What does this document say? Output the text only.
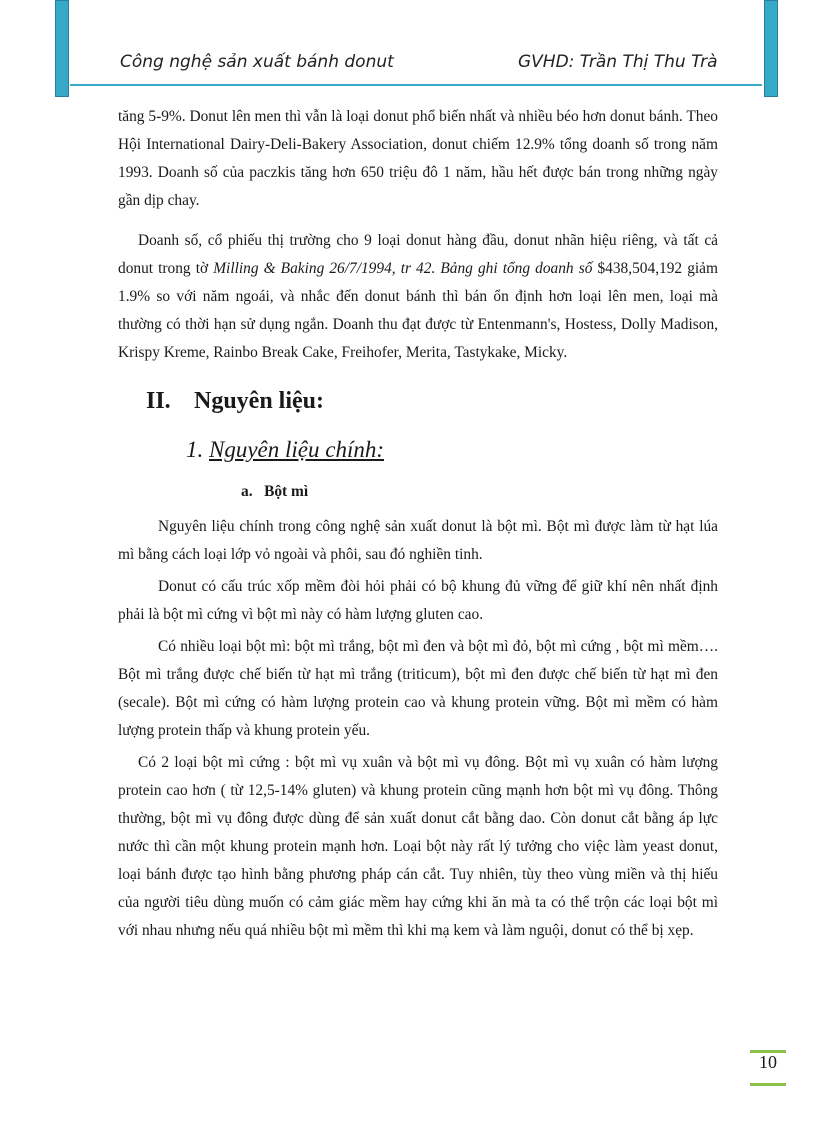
Công nghệ sản xuất bánh donut	GVHD: Trần Thị Thu Trà

tăng 5-9%. Donut lên men thì vẫn là loại donut phổ biến nhất và nhiều béo hơn donut bánh. Theo Hội International Dairy-Deli-Bakery Association, donut chiếm 12.9% tổng doanh số trong năm 1993. Doanh số của paczkis tăng hơn 650 triệu đô 1 năm, hầu hết được bán trong những ngày gần dịp chay.

Doanh số, cổ phiếu thị trường cho 9 loại donut hàng đầu, donut nhãn hiệu riêng, và tất cả donut trong tờ Milling & Baking 26/7/1994, tr 42. Bảng ghi tổng doanh số $438,504,192 giảm 1.9% so với năm ngoái, và nhắc đến donut bánh thì bán ổn định hơn loại lên men, loại mà thường có thời hạn sử dụng ngắn. Doanh thu đạt được từ Entenmann's, Hostess, Dolly Madison, Krispy Kreme, Rainbo Break Cake, Freihofer, Merita, Tastykake, Micky.

II. Nguyên liệu:
1. Nguyên liệu chính:
a. Bột mì

Nguyên liệu chính trong công nghệ sản xuất donut là bột mì. Bột mì được làm từ hạt lúa mì bằng cách loại lớp vỏ ngoài và phôi, sau đó nghiền tinh.

Donut có cấu trúc xốp mềm đòi hỏi phải có bộ khung đủ vững để giữ khí nên nhất định phải là bột mì cứng vì bột mì này có hàm lượng gluten cao.

Có nhiều loại bột mì: bột mì trắng, bột mì đen và bột mì đỏ, bột mì cứng , bột mì mềm…. Bột mì trắng được chế biến từ hạt mì trắng (triticum), bột mì đen được chế biến từ hạt mì đen (secale). Bột mì cứng có hàm lượng protein cao và khung protein vững. Bột mì mềm có hàm lượng protein thấp và khung protein yếu.

Có 2 loại bột mì cứng : bột mì vụ xuân và bột mì vụ đông. Bột mì vụ xuân có hàm lượng protein cao hơn ( từ 12,5-14% gluten) và khung protein cũng mạnh hơn bột mì vụ đông. Thông thường, bột mì vụ đông được dùng để sản xuất donut cắt bằng dao. Còn donut cắt bằng áp lực nước thì cần một khung protein mạnh hơn. Loại bột này rất lý tưởng cho việc làm yeast donut, loại bánh được tạo hình bằng phương pháp cán cắt. Tuy nhiên, tùy theo vùng miền và thị hiếu của người tiêu dùng muốn có cảm giác mềm hay cứng khi ăn mà ta có thể trộn các loại bột mì với nhau nhưng nếu quá nhiều bột mì mềm thì khi mạ kem và làm nguội, donut có thể bị xẹp.

10
